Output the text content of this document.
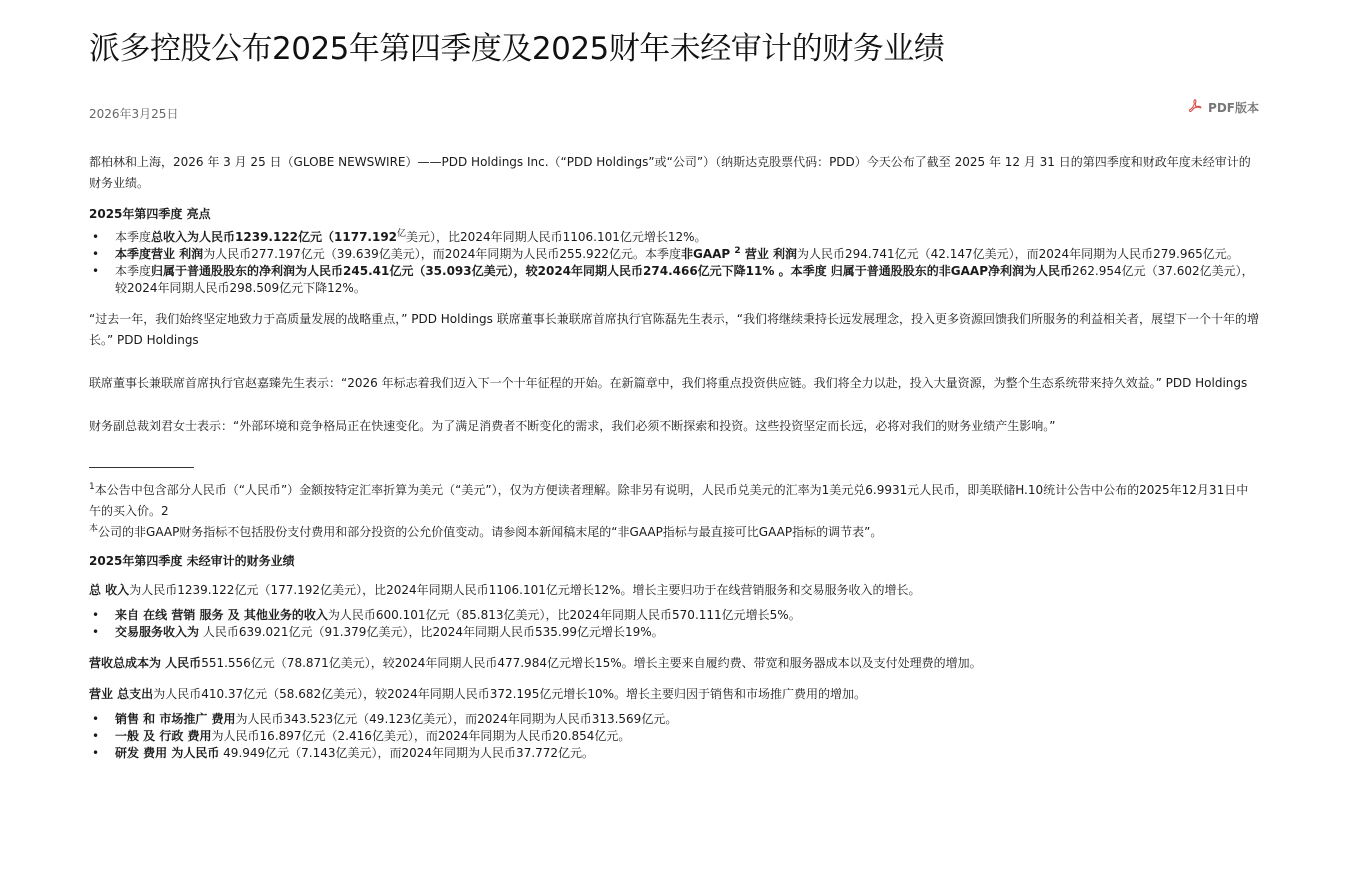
派多控股公布2025年第四季度及2025财年未经审计的财务业绩
2026年3月25日	PDF版本

都柏林和上海，2026 年 3 月 25 日（GLOBE NEWSWIRE）——PDD Holdings Inc.（“PDD Holdings”或“公司”）（纳斯达克股票代码：PDD）今天公布了截至 2025 年 12 月 31 日的第四季度和财政年度未经审计的财务业绩。

2025年第四季度 亮点

• 本季度总收入为人民币1239.122亿元（$1177.192^亿$美元），比2024年同期人民币1106.101亿元增长12%。
• 本季度营业 利润为人民币277.197亿元（39.639亿美元），而2024年同期为人民币255.922亿元。本季度非GAAP $^2$ 营业 利润为人民币294.741亿元（42.147亿美元），而2024年同期为人民币279.965亿元。
• 本季度归属于普通股股东的净利润为人民币245.41亿元（35.093亿美元），较2024年同期人民币274.466亿元下降11% 。本季度 归属于普通股股东的非GAAP净利润为人民币262.954亿元（37.602亿美元），较2024年同期人民币298.509亿元下降12%。

“过去一年，我们始终坚定地致力于高质量发展的战略重点，” PDD Holdings 联席董事长兼联席首席执行官陈磊先生表示，“我们将继续秉持长远发展理念，投入更多资源回馈我们所服务的利益相关者，展望下一个十年的增长。” PDD Holdings

联席董事长兼联席首席执行官赵嘉臻先生表示：“2026 年标志着我们迈入下一个十年征程的开始。在新篇章中，我们将重点投资供应链。我们将全力以赴，投入大量资源，为整个生态系统带来持久效益。” PDD Holdings

财务副总裁刘君女士表示：“外部环境和竞争格局正在快速变化。为了满足消费者不断变化的需求，我们必须不断探索和投资。这些投资坚定而长远，必将对我们的财务业绩产生影响。”

$^1$本公告中包含部分人民币（“人民币”）金额按特定汇率折算为美元（“美元”），仅为方便读者理解。除非另有说明，人民币兑美元的汇率为1美元兑6.9931元人民币，即美联储H.10统计公告中公布的2025年12月31日中午的买入价。2

$^本$公司的非GAAP财务指标不包括股份支付费用和部分投资的公允价值变动。请参阅本新闻稿末尾的“非GAAP指标与最直接可比GAAP指标的调节表”。

2025年第四季度 未经审计的财务业绩

总 收入为人民币1239.122亿元（177.192亿美元），比2024年同期人民币1106.101亿元增长12%。增长主要归功于在线营销服务和交易服务收入的增长。

• 来自 在线 营销 服务 及 其他业务的收入为人民币600.101亿元（85.813亿美元），比2024年同期人民币570.111亿元增长5%。
• 交易服务收入为 人民币639.021亿元（91.379亿美元），比2024年同期人民币535.99亿元增长19%。

营收总成本为 人民币551.556亿元（78.871亿美元），较2024年同期人民币477.984亿元增长15%。增长主要来自履约费、带宽和服务器成本以及支付处理费的增加。

营业 总支出为人民币410.37亿元（58.682亿美元），较2024年同期人民币372.195亿元增长10%。增长主要归因于销售和市场推广费用的增加。

• 销售 和 市场推广 费用为人民币343.523亿元（49.123亿美元），而2024年同期为人民币313.569亿元。
• 一般 及 行政 费用为人民币16.897亿元（2.416亿美元），而2024年同期为人民币20.854亿元。
• 研发 费用 为人民币 49.949亿元（7.143亿美元），而2024年同期为人民币37.772亿元。
